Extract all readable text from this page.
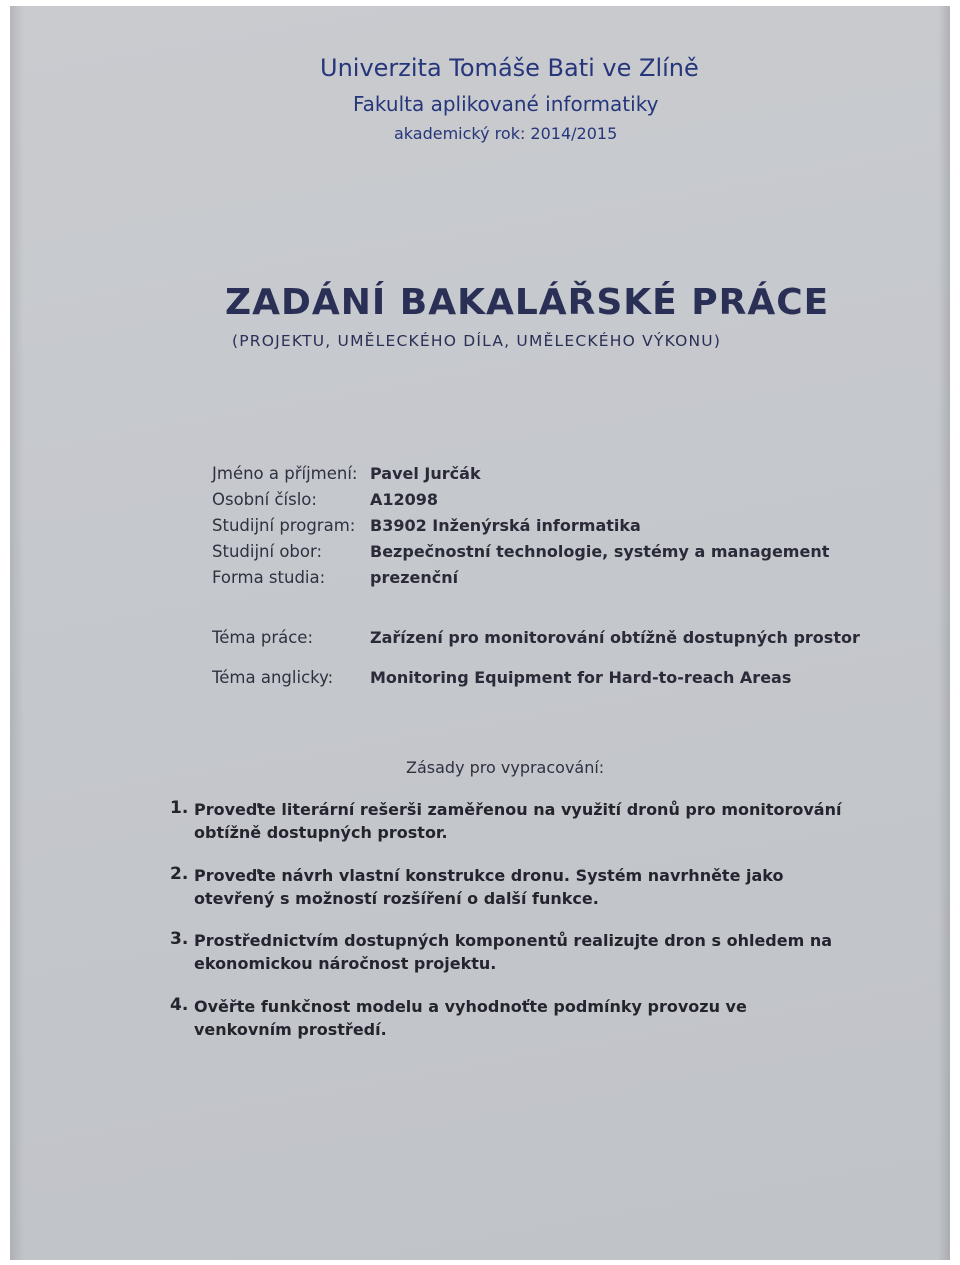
Univerzita Tomáše Bati ve Zlíně
Fakulta aplikované informatiky
akademický rok: 2014/2015
ZADÁNÍ BAKALÁŘSKÉ PRÁCE
(PROJEKTU, UMĚLECKÉHO DÍLA, UMĚLECKÉHO VÝKONU)
Jméno a příjmení: Pavel Jurčák
Osobní číslo:	A12098
Studijní program: B3902 Inženýrská informatika
Studijní obor:	Bezpečnostní technologie, systémy a management
Forma studia:	prezenční
Téma práce:	Zařízení pro monitorování obtížně dostupných prostor
Téma anglicky: Monitoring Equipment for Hard-to-reach Areas
Zásady pro vypracování:
1. Proveďte literární rešerši zaměřenou na využití dronů pro monitorování obtížně dostupných prostor.
2. Proveďte návrh vlastní konstrukce dronu. Systém navrhněte jako otevřený s možností rozšíření o další funkce.
3. Prostřednictvím dostupných komponentů realizujte dron s ohledem na ekonomickou náročnost projektu.
4. Ověřte funkčnost modelu a vyhodnoťte podmínky provozu ve venkovním prostředí.
